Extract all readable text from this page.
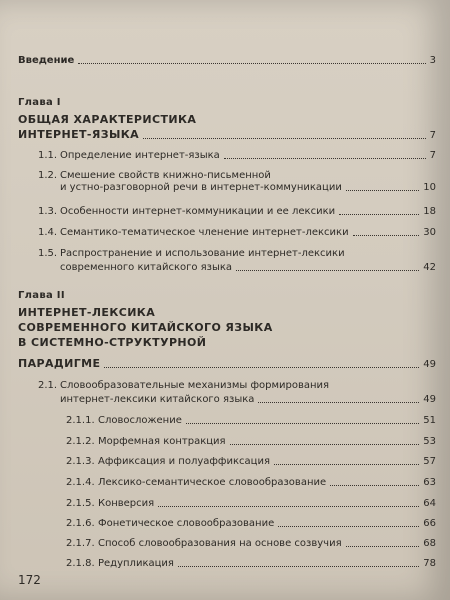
Введение	3
Глава I
ОБЩАЯ ХАРАКТЕРИСТИКА
ИНТЕРНЕТ-ЯЗЫКА	7
1.1. Определение интернет-языка	7
1.2. Смешение свойств книжно-письменной
и устно-разговорной речи в интернет-коммуникации	10
1.3. Особенности интернет-коммуникации и ее лексики	18
1.4. Семантико-тематическое членение интернет-лексики	30
1.5. Распространение и использование интернет-лексики
современного китайского языка	42
Глава II
ИНТЕРНЕТ-ЛЕКСИКА
СОВРЕМЕННОГО КИТАЙСКОГО ЯЗЫКА
В СИСТЕМНО-СТРУКТУРНОЙ
ПАРАДИГМЕ	49
2.1. Словообразовательные механизмы формирования
интернет-лексики китайского языка	49
2.1.1. Словосложение	51
2.1.2. Морфемная контракция	53
2.1.3. Аффиксация и полуаффиксация	57
2.1.4. Лексико-семантическое словообразование	63
2.1.5. Конверсия	64
2.1.6. Фонетическое словообразование	66
2.1.7. Способ словообразования на основе созвучия	68
2.1.8. Редупликация	78
172
